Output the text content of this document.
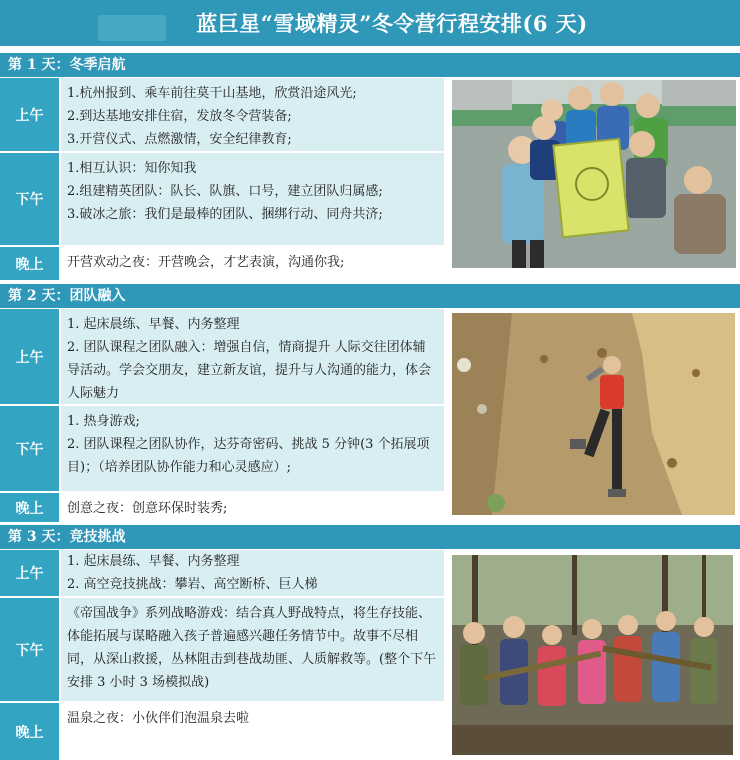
蓝巨星“雪域精灵”冬令营行程安排(6 天)
第 1 天：冬季启航
上午

1.杭州报到、乘车前往莫干山基地，欣赏沿途风光;

2.到达基地安排住宿，发放冬令营装备;

3.开营仪式、点燃激情，安全纪律教育;

下午

1.相互认识：知你知我

2.组建精英团队：队长、队旗、口号，建立团队归属感;

3.破冰之旅：我们是最棒的团队、捆绑行动、同舟共济;

晚上	开营欢动之夜：开营晚会，才艺表演，沟通你我;

第 2 天：团队融入
上午

1. 起床晨练、早餐、内务整理

2. 团队课程之团队融入：增强自信，情商提升 人际交往团体辅导活动。学会交朋友，建立新友谊，提升与人沟通的能力，体会人际魅力

下午

1. 热身游戏;

2. 团队课程之团队协作，达芬奇密码、挑战 5 分钟(3 个拓展项目)；（培养团队协作能力和心灵感应）;

晚上	创意之夜：创意环保时装秀;

第 3 天：竞技挑战
上午

1. 起床晨练、早餐、内务整理

2. 高空竞技挑战：攀岩、高空断桥、巨人梯

下午

《帝国战争》系列战略游戏：结合真人野战特点，将生存技能、体能拓展与谋略融入孩子普遍感兴趣任务情节中。故事不尽相同，从深山救援，丛林阻击到巷战劫匪、人质解救等。(整个下午安排 3 小时 3 场模拟战)

晚上

温泉之夜：小伙伴们泡温泉去啦
